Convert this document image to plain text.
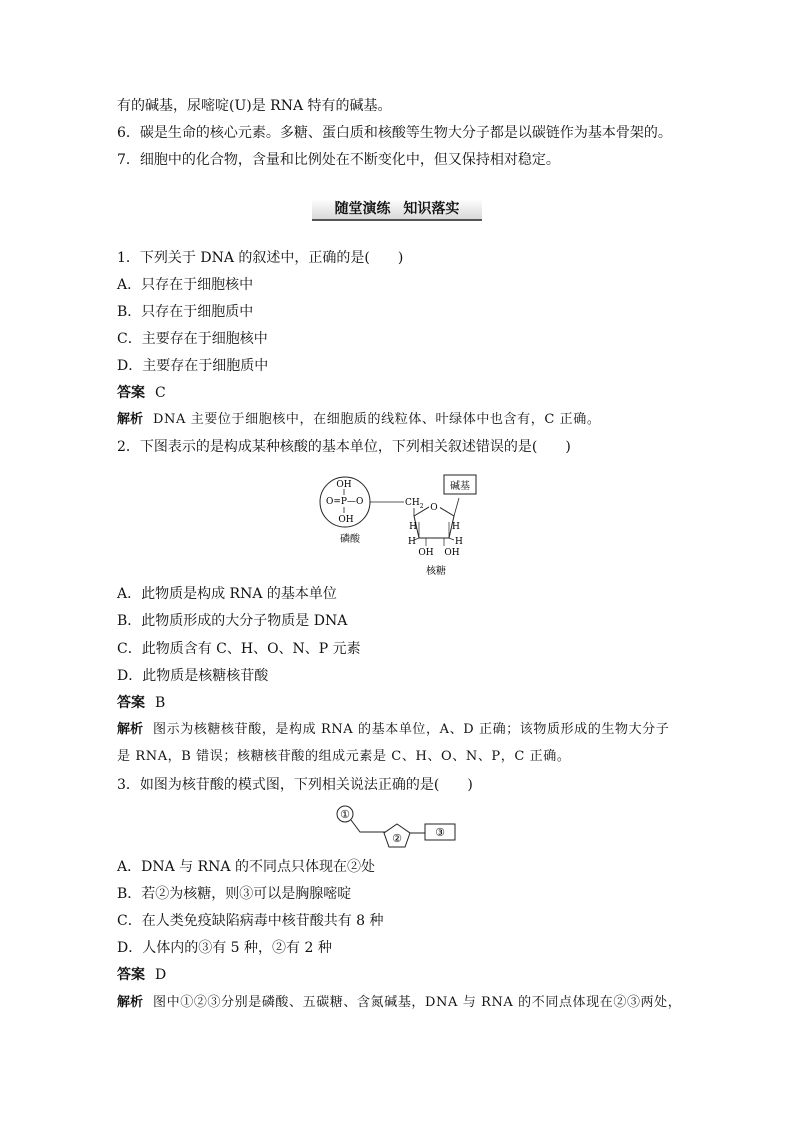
有的碱基，尿嘧啶(U)是 RNA 特有的碱基。
6．碳是生命的核心元素。多糖、蛋白质和核酸等生物大分子都是以碳链作为基本骨架的。
7．细胞中的化合物，含量和比例处在不断变化中，但又保持相对稳定。
随堂演练 知识落实
1．下列关于 DNA 的叙述中，正确的是(　　)
A．只存在于细胞核中
B．只存在于细胞质中
C．主要存在于细胞核中
D．主要存在于细胞质中
答案 C
解析 DNA 主要位于细胞核中，在细胞质的线粒体、叶绿体中也含有，C 正确。
2．下图表示的是构成某种核酸的基本单位，下列相关叙述错误的是(　　)
OH
O=P—O
OH
磷酸
$CH_2$ O
碱基
H	H
H	H
OH OH
核糖
A．此物质是构成 RNA 的基本单位
B．此物质形成的大分子物质是 DNA
C．此物质含有 C、H、O、N、P 元素
D．此物质是核糖核苷酸
答案 B
解析 图示为核糖核苷酸，是构成 RNA 的基本单位，A、D 正确；该物质形成的生物大分子
是 RNA，B 错误；核糖核苷酸的组成元素是 C、H、O、N、P，C 正确。
3．如图为核苷酸的模式图，下列相关说法正确的是(　　)
①
②	③
A．DNA 与 RNA 的不同点只体现在②处
B．若②为核糖，则③可以是胸腺嘧啶
C．在人类免疫缺陷病毒中核苷酸共有 8 种
D．人体内的③有 5 种，②有 2 种
答案 D
解析 图中①②③分别是磷酸、五碳糖、含氮碱基，DNA 与 RNA 的不同点体现在②③两处，
